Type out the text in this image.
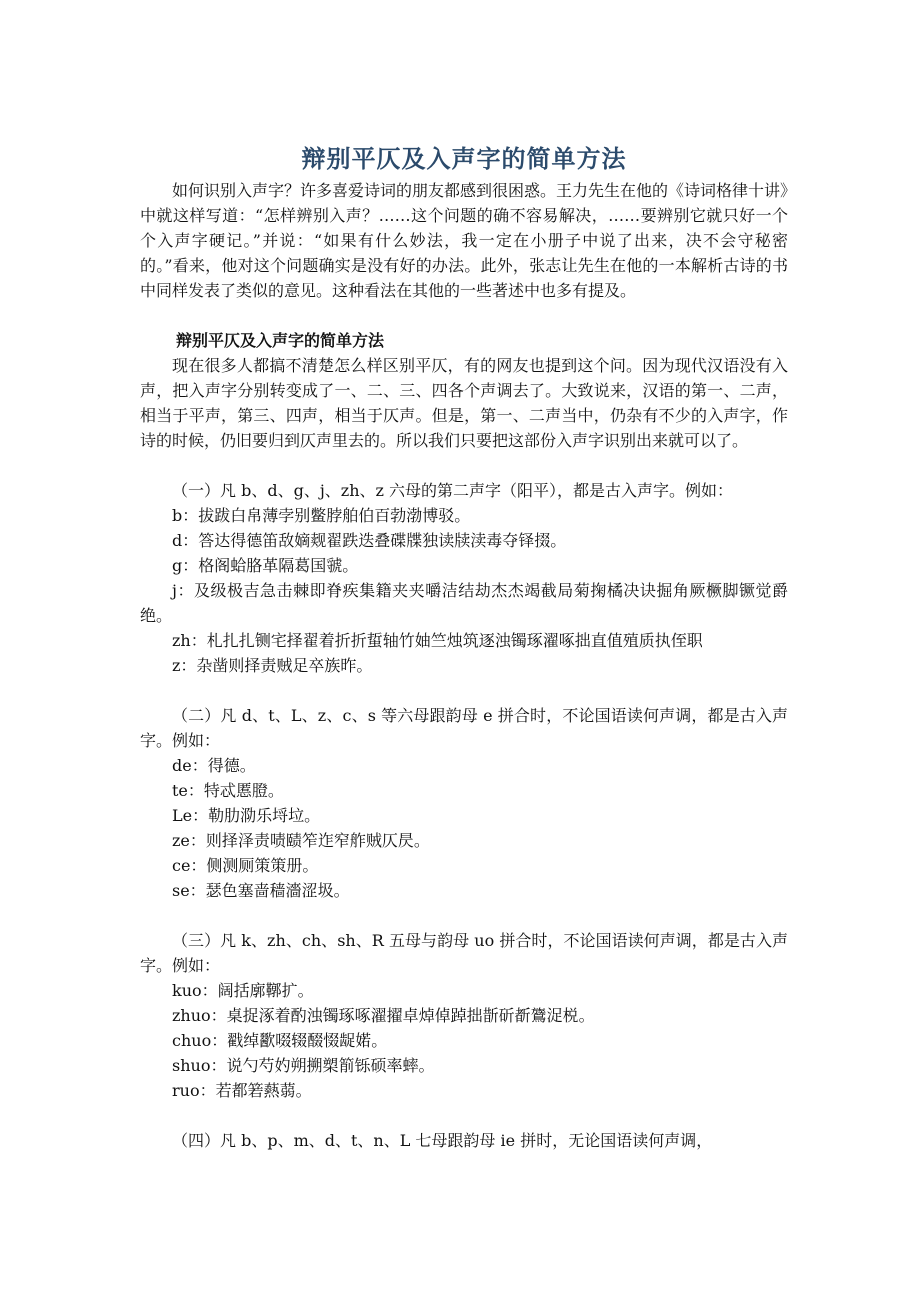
辩别平仄及入声字的简单方法

如何识别入声字？许多喜爱诗词的朋友都感到很困惑。王力先生在他的《诗词格律十讲》中就这样写道：“怎样辨别入声？……这个问题的确不容易解决，……要辨别它就只好一个个入声字硬记。”并说：“如果有什么妙法，我一定在小册子中说了出来，决不会守秘密的。”看来，他对这个问题确实是没有好的办法。此外，张志让先生在他的一本解析古诗的书中同样发表了类似的意见。这种看法在其他的一些著述中也多有提及。

辩别平仄及入声字的简单方法

现在很多人都搞不清楚怎么样区别平仄，有的网友也提到这个问。因为现代汉语没有入声，把入声字分别转变成了一、二、三、四各个声调去了。大致说来，汉语的第一、二声，相当于平声，第三、四声，相当于仄声。但是，第一、二声当中，仍杂有不少的入声字，作诗的时候，仍旧要归到仄声里去的。所以我们只要把这部份入声字识别出来就可以了。

（一）凡 b、d、g、j、zh、z 六母的第二声字（阳平），都是古入声字。例如：

b：拔跋白帛薄孛别鳖脖舶伯百勃渤博驳。

d：答达得德笛敌嫡觌翟跌迭叠碟牒独读牍渎毒夺铎掇。

g：格阁蛤胳革隔葛国虢。

j：及级极吉急击棘即脊疾集籍夹夹嚼洁结劫杰杰竭截局菊掬橘决诀掘角厥橛脚镢觉爵绝。

zh：札扎扎铡宅择翟着折折蜇轴竹妯竺烛筑逐浊镯琢濯啄拙直值殖质执侄职

z：杂凿则择责贼足卒族昨。

（二）凡 d、t、L、z、c、s 等六母跟韵母 e 拼合时，不论国语读何声调，都是古入声字。例如：

de：得德。

te：特忒慝膯。

Le：勒肋泐乐埒垃。

ze：则择泽责啧赜笮迮窄舴贼仄昃。

ce：侧测厕策策册。

se：瑟色塞啬穑濇涩圾。

（三）凡 k、zh、ch、sh、R 五母与韵母 uo 拼合时，不论国语读何声调，都是古入声字。例如：

kuo：阔括廓鞹扩。

zhuo：桌捉涿着酌浊镯琢啄濯擢卓焯倬踔拙斮斫斱鷟浞棁。

chuo：戳绰歠啜辍醊惙龊婼。

shuo：说勺芍妁朔搠槊箾铄硕率蟀。

ruo：若都箬爇蒻。

（四）凡 b、p、m、d、t、n、L 七母跟韵母 ie 拼时，无论国语读何声调，
